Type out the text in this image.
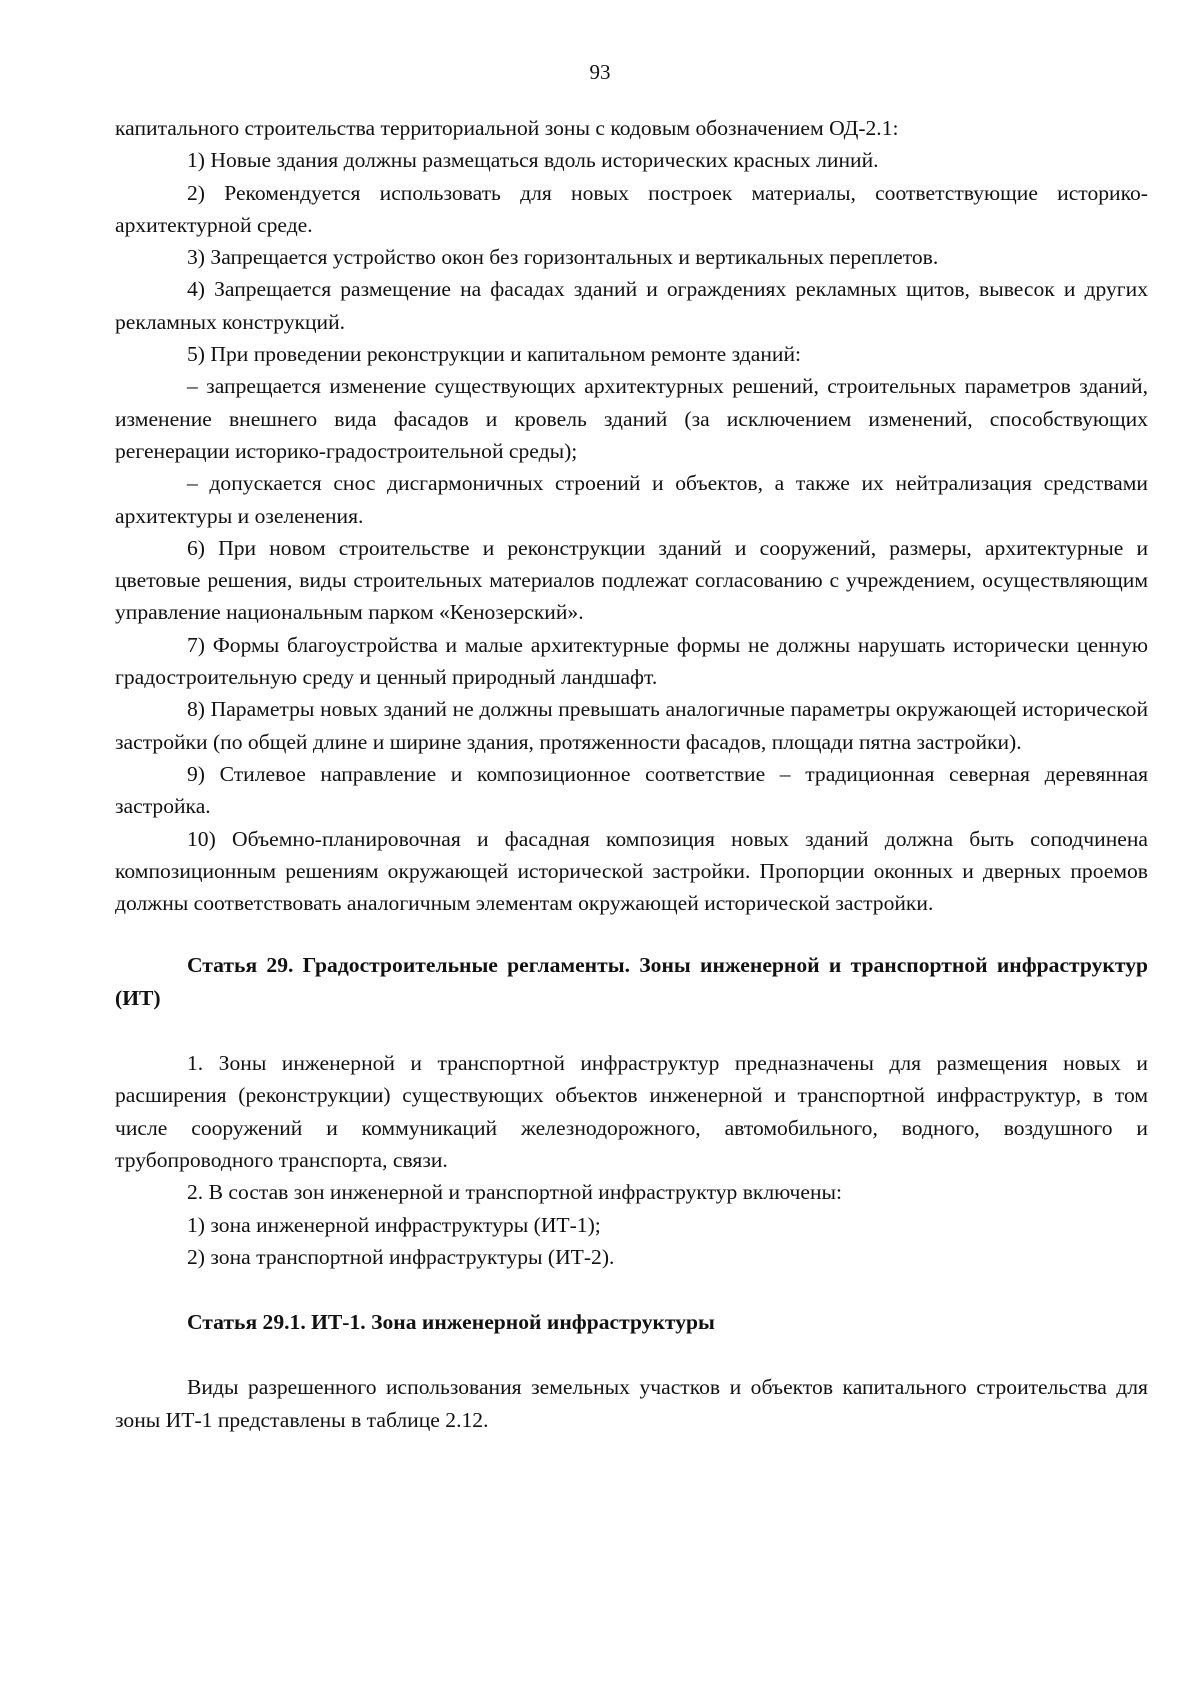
93

капитального строительства территориальной зоны с кодовым обозначением ОД-2.1:

1) Новые здания должны размещаться вдоль исторических красных линий.

2) Рекомендуется использовать для новых построек материалы, соответствующие историко-архитектурной среде.

3) Запрещается устройство окон без горизонтальных и вертикальных переплетов.

4) Запрещается размещение на фасадах зданий и ограждениях рекламных щитов, вывесок и других рекламных конструкций.

5) При проведении реконструкции и капитальном ремонте зданий:

– запрещается изменение существующих архитектурных решений, строительных параметров зданий, изменение внешнего вида фасадов и кровель зданий (за исключением изменений, способствующих регенерации историко-градостроительной среды);

– допускается снос дисгармоничных строений и объектов, а также их нейтрализация средствами архитектуры и озеленения.

6) При новом строительстве и реконструкции зданий и сооружений, размеры, архитектурные и цветовые решения, виды строительных материалов подлежат согласованию с учреждением, осуществляющим управление национальным парком «Кенозерский».

7) Формы благоустройства и малые архитектурные формы не должны нарушать исторически ценную градостроительную среду и ценный природный ландшафт.

8) Параметры новых зданий не должны превышать аналогичные параметры окружающей исторической застройки (по общей длине и ширине здания, протяженности фасадов, площади пятна застройки).

9) Стилевое направление и композиционное соответствие – традиционная северная деревянная застройка.

10) Объемно-планировочная и фасадная композиция новых зданий должна быть соподчинена композиционным решениям окружающей исторической застройки. Пропорции оконных и дверных проемов должны соответствовать аналогичным элементам окружающей исторической застройки.

Статья 29. Градостроительные регламенты. Зоны инженерной и транспортной инфраструктур (ИТ)

1. Зоны инженерной и транспортной инфраструктур предназначены для размещения новых и расширения (реконструкции) существующих объектов инженерной и транспортной инфраструктур, в том числе сооружений и коммуникаций железнодорожного, автомобильного, водного, воздушного и трубопроводного транспорта, связи.

2. В состав зон инженерной и транспортной инфраструктур включены:

1) зона инженерной инфраструктуры (ИТ-1);

2) зона транспортной инфраструктуры (ИТ-2).

Статья 29.1. ИТ-1. Зона инженерной инфраструктуры

Виды разрешенного использования земельных участков и объектов капитального строительства для зоны ИТ-1 представлены в таблице 2.12.
